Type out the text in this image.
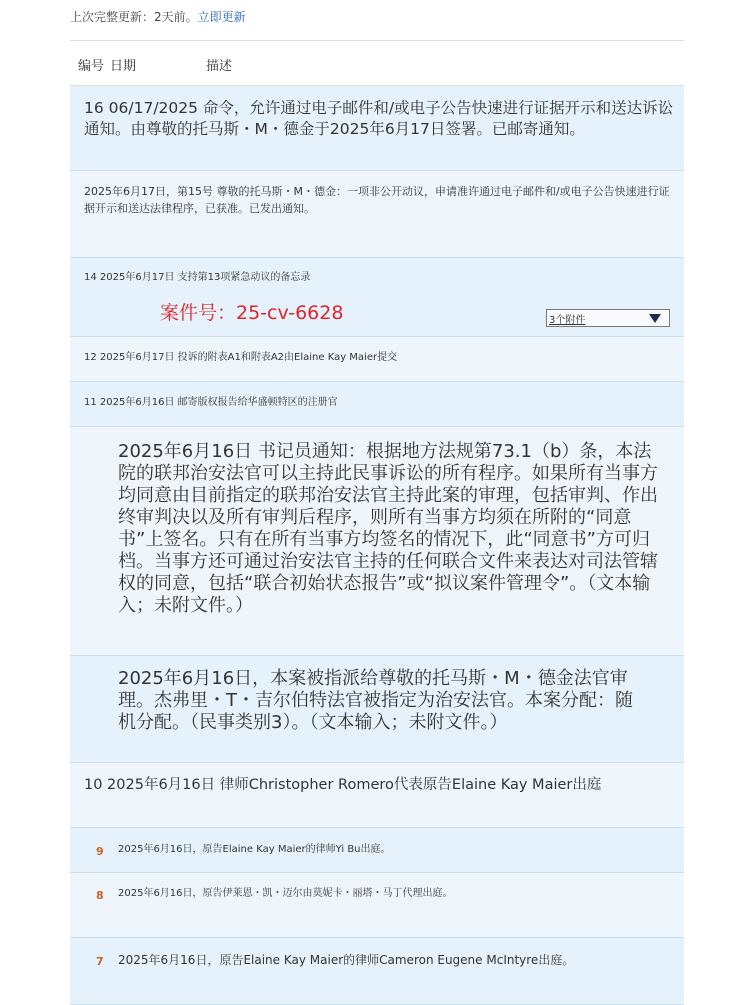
上次完整更新：2天前。立即更新
编号 日期	描述
16 06/17/2025 命令，允许通过电子邮件和/或电子公告快速进行证据开示和送达诉讼通知。由尊敬的托马斯・M・德金于2025年6月17日签署。已邮寄通知。
2025年6月17日，第15号 尊敬的托马斯・M・德金：一项非公开动议，申请准许通过电子邮件和/或电子公告快速进行证据开示和送达法律程序，已获准。已发出通知。
14 2025年6月17日 支持第13项紧急动议的备忘录
案件号：25-cv-6628	3个附件
12 2025年6月17日 投诉的附表A1和附表A2由Elaine Kay Maier提交
11 2025年6月16日 邮寄版权报告给华盛顿特区的注册官
2025年6月16日 书记员通知：根据地方法规第73.1（b）条，本法院的联邦治安法官可以主持此民事诉讼的所有程序。如果所有当事方均同意由目前指定的联邦治安法官主持此案的审理，包括审判、作出终审判决以及所有审判后程序，则所有当事方均须在所附的“同意书”上签名。只有在所有当事方均签名的情况下，此“同意书”方可归档。当事方还可通过治安法官主持的任何联合文件来表达对司法管辖权的同意，包括“联合初始状态报告”或“拟议案件管理令”。（文本输入；未附文件。）
2025年6月16日，本案被指派给尊敬的托马斯・M・德金法官审理。杰弗里・T・吉尔伯特法官被指定为治安法官。本案分配：随机分配。（民事类别3）。（文本输入；未附文件。）
10 2025年6月16日 律师Christopher Romero代表原告Elaine Kay Maier出庭
9 2025年6月16日，原告Elaine Kay Maier的律师Yi Bu出庭。
8 2025年6月16日，原告伊莱恩・凯・迈尔由莫妮卡・丽塔・马丁代理出庭。
7 2025年6月16日，原告Elaine Kay Maier的律师Cameron Eugene McIntyre出庭。
